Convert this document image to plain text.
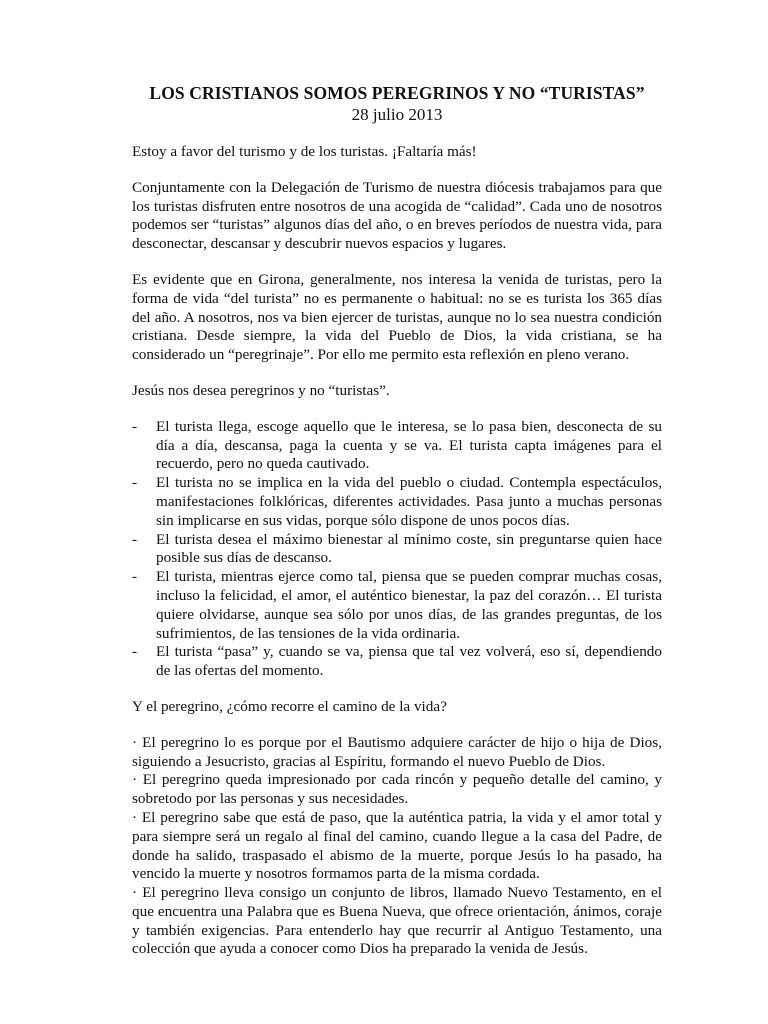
LOS CRISTIANOS SOMOS PEREGRINOS Y NO “TURISTAS”
28 julio 2013

Estoy a favor del turismo y de los turistas. ¡Faltaría más!

Conjuntamente con la Delegación de Turismo de nuestra diócesis trabajamos para que los turistas disfruten entre nosotros de una acogida de “calidad”. Cada uno de nosotros podemos ser “turistas” algunos días del año, o en breves períodos de nuestra vida, para desconectar, descansar y descubrir nuevos espacios y lugares.

Es evidente que en Girona, generalmente, nos interesa la venida de turistas, pero la forma de vida “del turista” no es permanente o habitual: no se es turista los 365 días del año. A nosotros, nos va bien ejercer de turistas, aunque no lo sea nuestra condición cristiana. Desde siempre, la vida del Pueblo de Dios, la vida cristiana, se ha considerado un “peregrinaje”. Por ello me permito esta reflexión en pleno verano.

Jesús nos desea peregrinos y no “turistas”.

- El turista llega, escoge aquello que le interesa, se lo pasa bien, desconecta de su día a día, descansa, paga la cuenta y se va. El turista capta imágenes para el recuerdo, pero no queda cautivado.
- El turista no se implica en la vida del pueblo o ciudad. Contempla espectáculos, manifestaciones folklóricas, diferentes actividades. Pasa junto a muchas personas sin implicarse en sus vidas, porque sólo dispone de unos pocos días.
- El turista desea el máximo bienestar al mínimo coste, sin preguntarse quien hace posible sus días de descanso.
- El turista, mientras ejerce como tal, piensa que se pueden comprar muchas cosas, incluso la felicidad, el amor, el auténtico bienestar, la paz del corazón… El turista quiere olvidarse, aunque sea sólo por unos días, de las grandes preguntas, de los sufrimientos, de las tensiones de la vida ordinaria.
- El turista “pasa” y, cuando se va, piensa que tal vez volverá, eso sí, dependiendo de las ofertas del momento.

Y el peregrino, ¿cómo recorre el camino de la vida?

· El peregrino lo es porque por el Bautismo adquiere carácter de hijo o hija de Dios, siguiendo a Jesucristo, gracias al Espíritu, formando el nuevo Pueblo de Dios.

· El peregrino queda impresionado por cada rincón y pequeño detalle del camino, y sobretodo por las personas y sus necesidades.

· El peregrino sabe que está de paso, que la auténtica patria, la vida y el amor total y para siempre será un regalo al final del camino, cuando llegue a la casa del Padre, de donde ha salido, traspasado el abismo de la muerte, porque Jesús lo ha pasado, ha vencido la muerte y nosotros formamos parta de la misma cordada.

· El peregrino lleva consigo un conjunto de libros, llamado Nuevo Testamento, en el que encuentra una Palabra que es Buena Nueva, que ofrece orientación, ánimos, coraje y también exigencias. Para entenderlo hay que recurrir al Antiguo Testamento, una colección que ayuda a conocer como Dios ha preparado la venida de Jesús.
